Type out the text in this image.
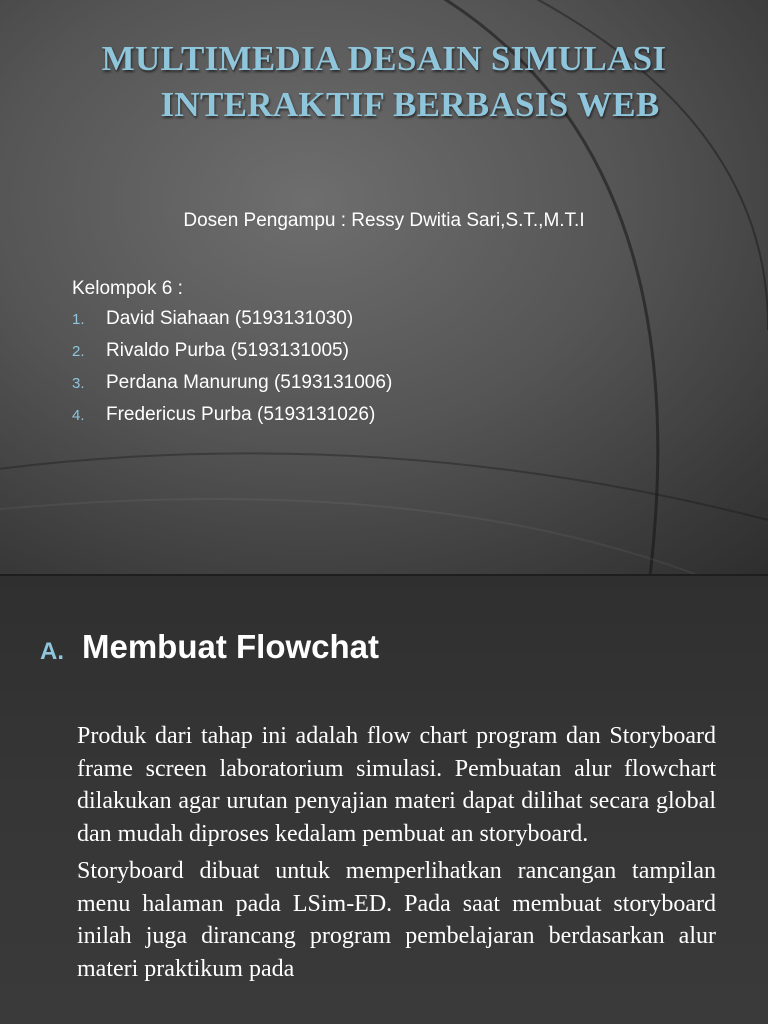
MULTIMEDIA DESAIN SIMULASI
INTERAKTIF BERBASIS WEB
Dosen Pengampu : Ressy Dwitia Sari,S.T.,M.T.I
Kelompok 6 :
1.	David Siahaan (5193131030)
2.	Rivaldo Purba (5193131005)
3.	Perdana Manurung (5193131006)
4.	Fredericus Purba (5193131026)
A. Membuat Flowchat

Produk dari tahap ini adalah flow chart program dan Storyboard frame screen laboratorium simulasi. Pembuatan alur flowchart dilakukan agar urutan penyajian materi dapat dilihat secara global dan mudah diproses kedalam pembuat an storyboard.

Storyboard dibuat untuk memperlihatkan rancangan tampilan menu halaman pada LSim-ED. Pada saat membuat storyboard inilah juga dirancang program pembelajaran berdasarkan alur materi praktikum pada
